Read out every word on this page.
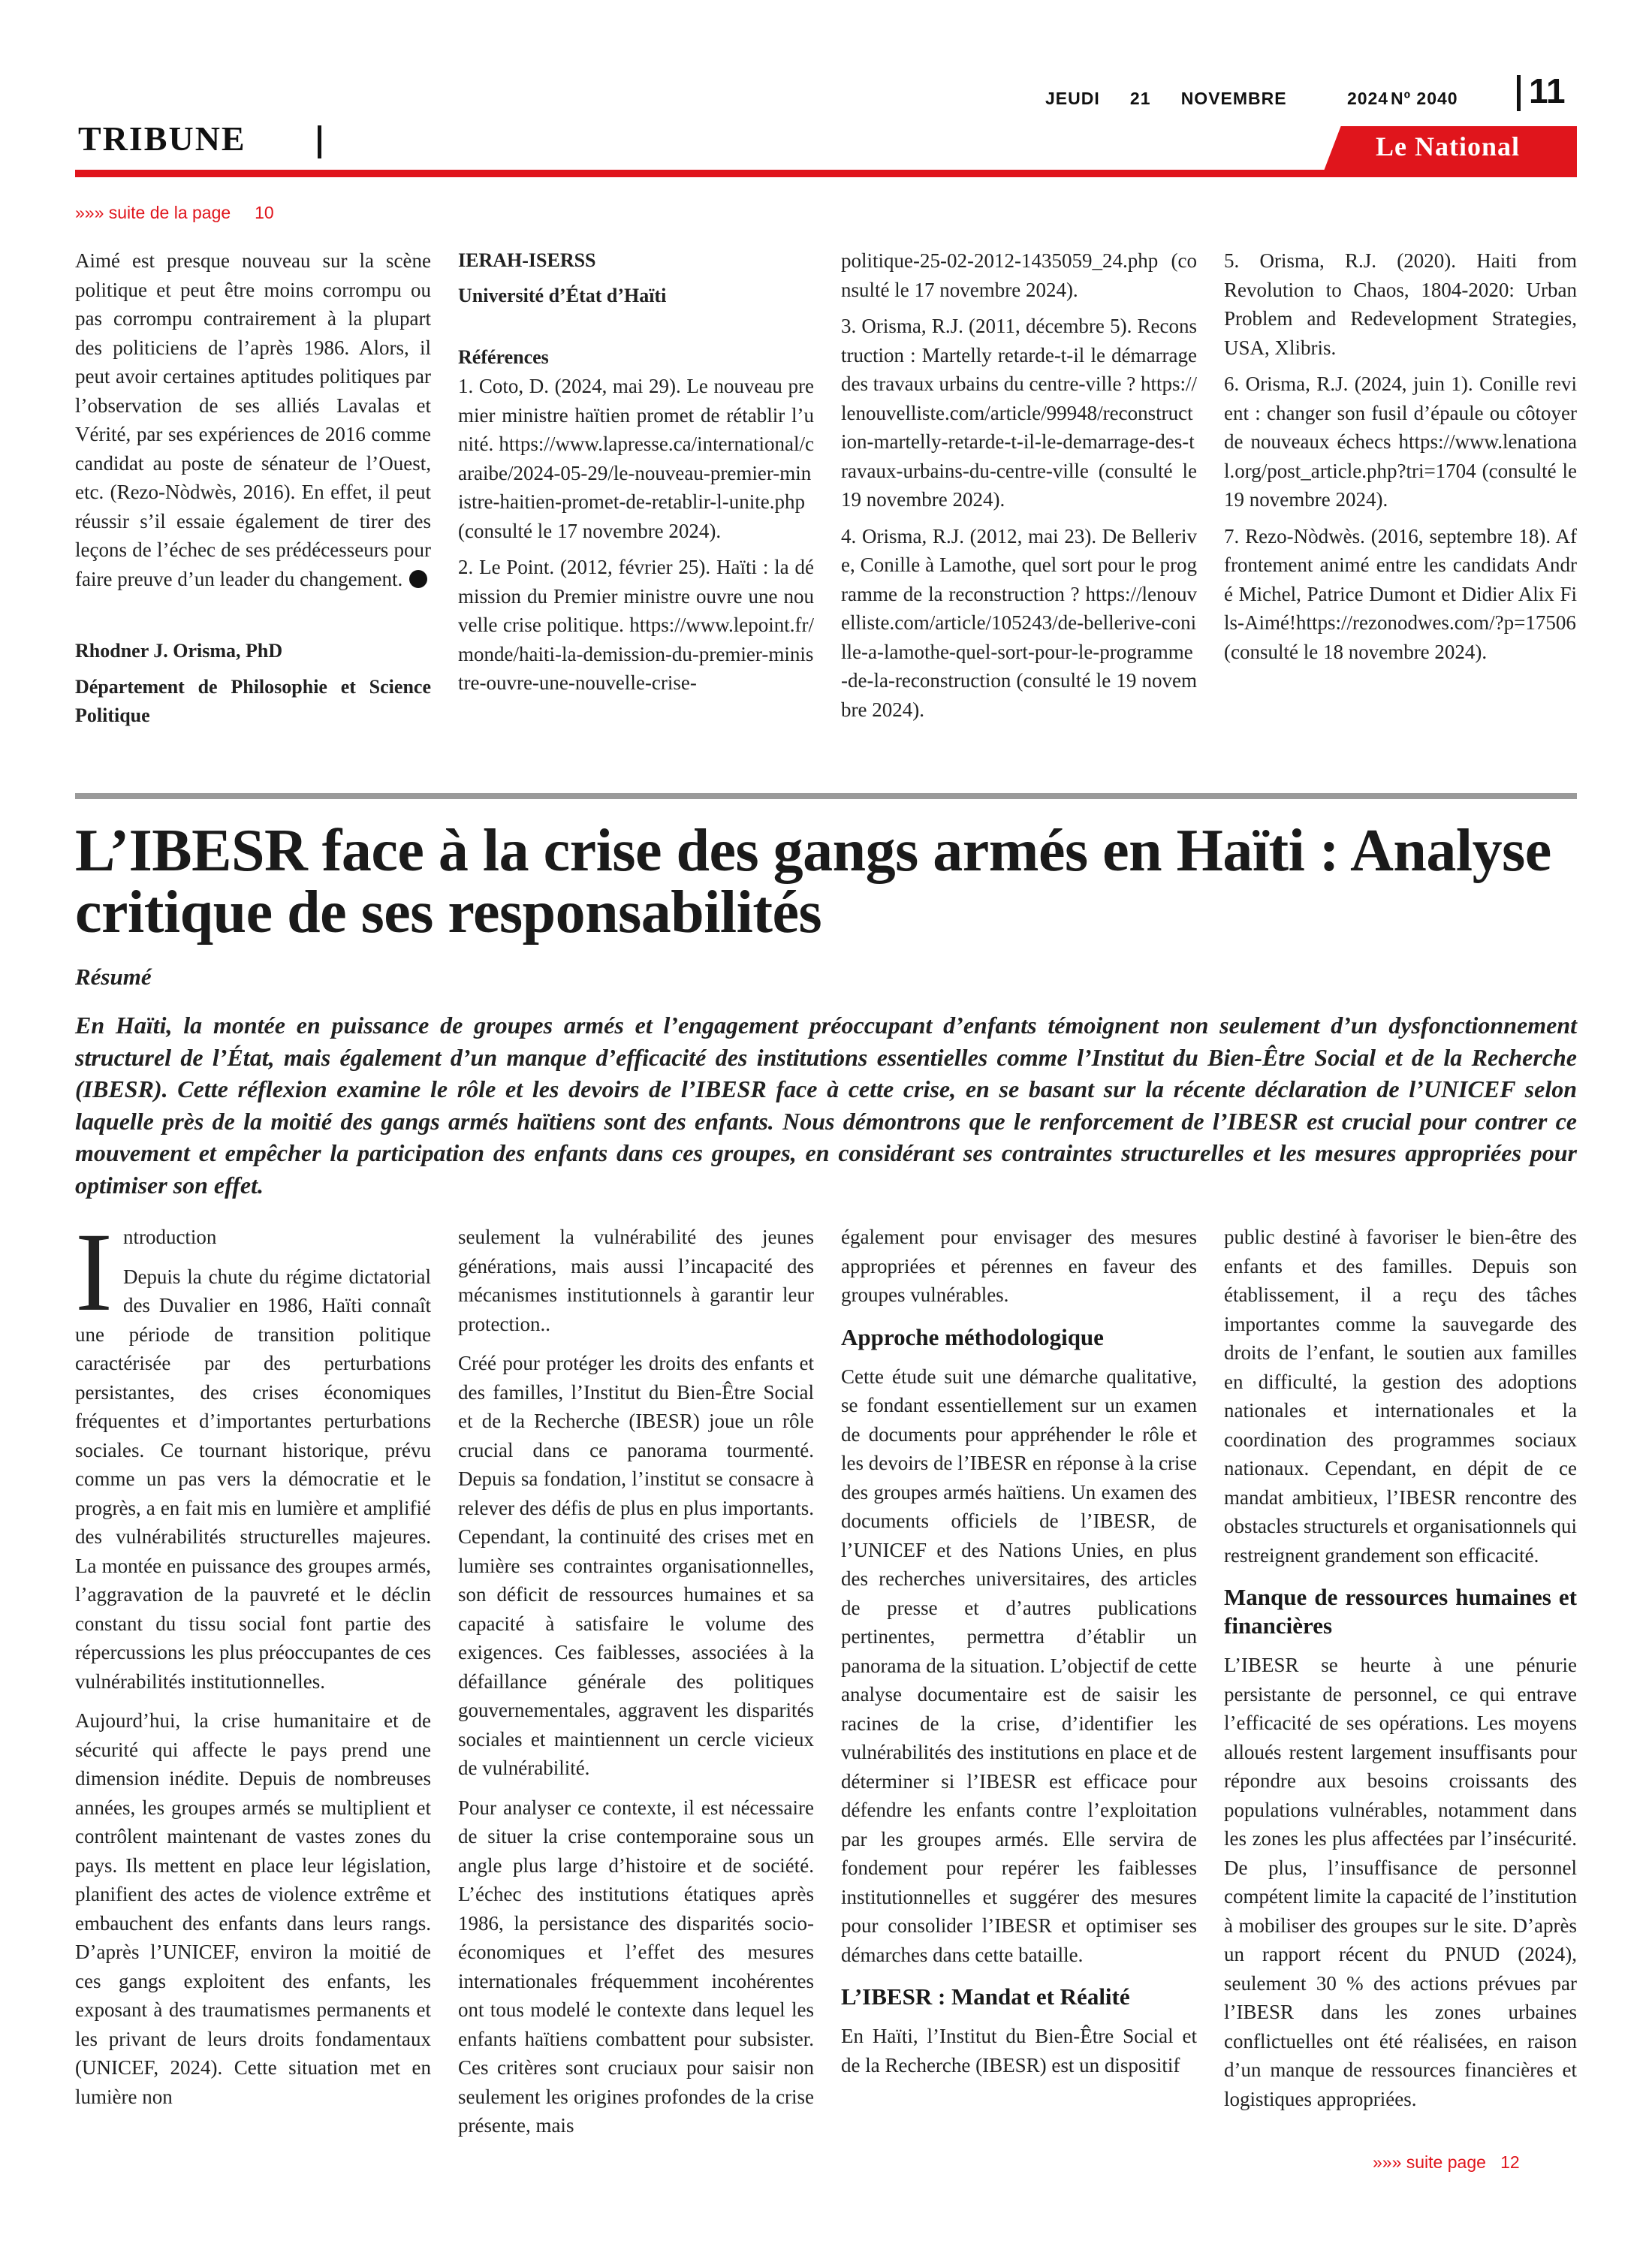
JEUDI 21 NOVEMBRE	2024 Nº 2040 11
TRIBUNE	Le National
»»» suite de la page 10

Aimé est presque nouveau sur la scène politique et peut être moins corrompu ou pas corrompu contrairement à la plupart des politiciens de l’après 1986. Alors, il peut avoir certaines aptitudes politiques par l’observation de ses alliés Lavalas et Vérité, par ses expériences de 2016 comme candidat au poste de sénateur de l’Ouest, etc. (Rezo-Nòdwès, 2016). En effet, il peut réussir s’il essaie également de tirer des leçons de l’échec de ses prédécesseurs pour faire preuve d’un leader du changement.

Rhodner J. Orisma, PhD
Département de Philosophie et Science Politique
IERAH-ISERSS
Université d’État d’Haïti
Références

1. Coto, D. (2024, mai 29). Le nouveau premier ministre haïtien promet de rétablir l’unité. https://www.lapresse.ca/international/caraibe/2024-05-29/le-nouveau-premier-ministre-haitien-promet-de-retablir-l-unite.php (consulté le 17 novembre 2024).

2. Le Point. (2012, février 25). Haïti : la démission du Premier ministre ouvre une nouvelle crise politique. https://www.lepoint.fr/monde/haiti-la-demission-du-premier-ministre-ouvre-une-nouvelle-crise-

politique-25-02-2012-1435059_24.php (consulté le 17 novembre 2024).

3. Orisma, R.J. (2011, décembre 5). Reconstruction : Martelly retarde-t-il le démarrage des travaux urbains du centre-ville ? https://lenouvelliste.com/article/99948/reconstruction-martelly-retarde-t-il-le-demarrage-des-travaux-urbains-du-centre-ville (consulté le 19 novembre 2024).

4. Orisma, R.J. (2012, mai 23). De Bellerive, Conille à Lamothe, quel sort pour le programme de la reconstruction ? https://lenouvelliste.com/article/105243/de-bellerive-conille-a-lamothe-quel-sort-pour-le-programme-de-la-reconstruction (consulté le 19 novembre 2024).

5. Orisma, R.J. (2020). Haiti from Revolution to Chaos, 1804-2020: Urban Problem and Redevelopment Strategies, USA, Xlibris.

6. Orisma, R.J. (2024, juin 1). Conille revient : changer son fusil d’épaule ou côtoyer de nouveaux échecs https://www.lenational.org/post_article.php?tri=1704 (consulté le 19 novembre 2024).

7. Rezo-Nòdwès. (2016, septembre 18). Affrontement animé entre les candidats André Michel, Patrice Dumont et Didier Alix Fils-Aimé!https://rezonodwes.com/?p=17506 (consulté le 18 novembre 2024).

L’IBESR face à la crise des gangs armés en Haïti : Analyse critique de ses responsabilités
Résumé
En Haïti, la montée en puissance de groupes armés et l’engagement préoccupant d’enfants témoignent non seulement d’un dysfonctionnement structurel de l’État, mais également d’un manque d’efficacité des institutions essentielles comme l’Institut du Bien-Être Social et de la Recherche (IBESR). Cette réflexion examine le rôle et les devoirs de l’IBESR face à cette crise, en se basant sur la récente déclaration de l’UNICEF selon laquelle près de la moitié des gangs armés haïtiens sont des enfants. Nous démontrons que le renforcement de l’IBESR est crucial pour contrer ce mouvement et empêcher la participation des enfants dans ces groupes, en considérant ses contraintes structurelles et les mesures appropriées pour optimiser son effet.
I ntroduction

Depuis la chute du régime dictatorial des Duvalier en 1986, Haïti connaît une période de transition politique caractérisée par des perturbations persistantes, des crises économiques fréquentes et d’importantes perturbations sociales. Ce tournant historique, prévu comme un pas vers la démocratie et le progrès, a en fait mis en lumière et amplifié des vulnérabilités structurelles majeures. La montée en puissance des groupes armés, l’aggravation de la pauvreté et le déclin constant du tissu social font partie des répercussions les plus préoccupantes de ces vulnérabilités institutionnelles.

Aujourd’hui, la crise humanitaire et de sécurité qui affecte le pays prend une dimension inédite. Depuis de nombreuses années, les groupes armés se multiplient et contrôlent maintenant de vastes zones du pays. Ils mettent en place leur législation, planifient des actes de violence extrême et embauchent des enfants dans leurs rangs. D’après l’UNICEF, environ la moitié de ces gangs exploitent des enfants, les exposant à des traumatismes permanents et les privant de leurs droits fondamentaux (UNICEF, 2024). Cette situation met en lumière non

seulement la vulnérabilité des jeunes générations, mais aussi l’incapacité des mécanismes institutionnels à garantir leur protection..

Créé pour protéger les droits des enfants et des familles, l’Institut du Bien-Être Social et de la Recherche (IBESR) joue un rôle crucial dans ce panorama tourmenté. Depuis sa fondation, l’institut se consacre à relever des défis de plus en plus importants. Cependant, la continuité des crises met en lumière ses contraintes organisationnelles, son déficit de ressources humaines et sa capacité à satisfaire le volume des exigences. Ces faiblesses, associées à la défaillance générale des politiques gouvernementales, aggravent les disparités sociales et maintiennent un cercle vicieux de vulnérabilité.

Pour analyser ce contexte, il est nécessaire de situer la crise contemporaine sous un angle plus large d’histoire et de société. L’échec des institutions étatiques après 1986, la persistance des disparités socio-économiques et l’effet des mesures internationales fréquemment incohérentes ont tous modelé le contexte dans lequel les enfants haïtiens combattent pour subsister. Ces critères sont cruciaux pour saisir non seulement les origines profondes de la crise présente, mais

également pour envisager des mesures appropriées et pérennes en faveur des groupes vulnérables.

Approche méthodologique

Cette étude suit une démarche qualitative, se fondant essentiellement sur un examen de documents pour appréhender le rôle et les devoirs de l’IBESR en réponse à la crise des groupes armés haïtiens. Un examen des documents officiels de l’IBESR, de l’UNICEF et des Nations Unies, en plus des recherches universitaires, des articles de presse et d’autres publications pertinentes, permettra d’établir un panorama de la situation. L’objectif de cette analyse documentaire est de saisir les racines de la crise, d’identifier les vulnérabilités des institutions en place et de déterminer si l’IBESR est efficace pour défendre les enfants contre l’exploitation par les groupes armés. Elle servira de fondement pour repérer les faiblesses institutionnelles et suggérer des mesures pour consolider l’IBESR et optimiser ses démarches dans cette bataille.

L’IBESR : Mandat et Réalité

En Haïti, l’Institut du Bien-Être Social et de la Recherche (IBESR) est un dispositif

public destiné à favoriser le bien-être des enfants et des familles. Depuis son établissement, il a reçu des tâches importantes comme la sauvegarde des droits de l’enfant, le soutien aux familles en difficulté, la gestion des adoptions nationales et internationales et la coordination des programmes sociaux nationaux. Cependant, en dépit de ce mandat ambitieux, l’IBESR rencontre des obstacles structurels et organisationnels qui restreignent grandement son efficacité.

Manque de ressources humaines et financières

L’IBESR se heurte à une pénurie persistante de personnel, ce qui entrave l’efficacité de ses opérations. Les moyens alloués restent largement insuffisants pour répondre aux besoins croissants des populations vulnérables, notamment dans les zones les plus affectées par l’insécurité. De plus, l’insuffisance de personnel compétent limite la capacité de l’institution à mobiliser des groupes sur le site. D’après un rapport récent du PNUD (2024), seulement 30 % des actions prévues par l’IBESR dans les zones urbaines conflictuelles ont été réalisées, en raison d’un manque de ressources financières et logistiques appropriées.

»»» suite page 12
